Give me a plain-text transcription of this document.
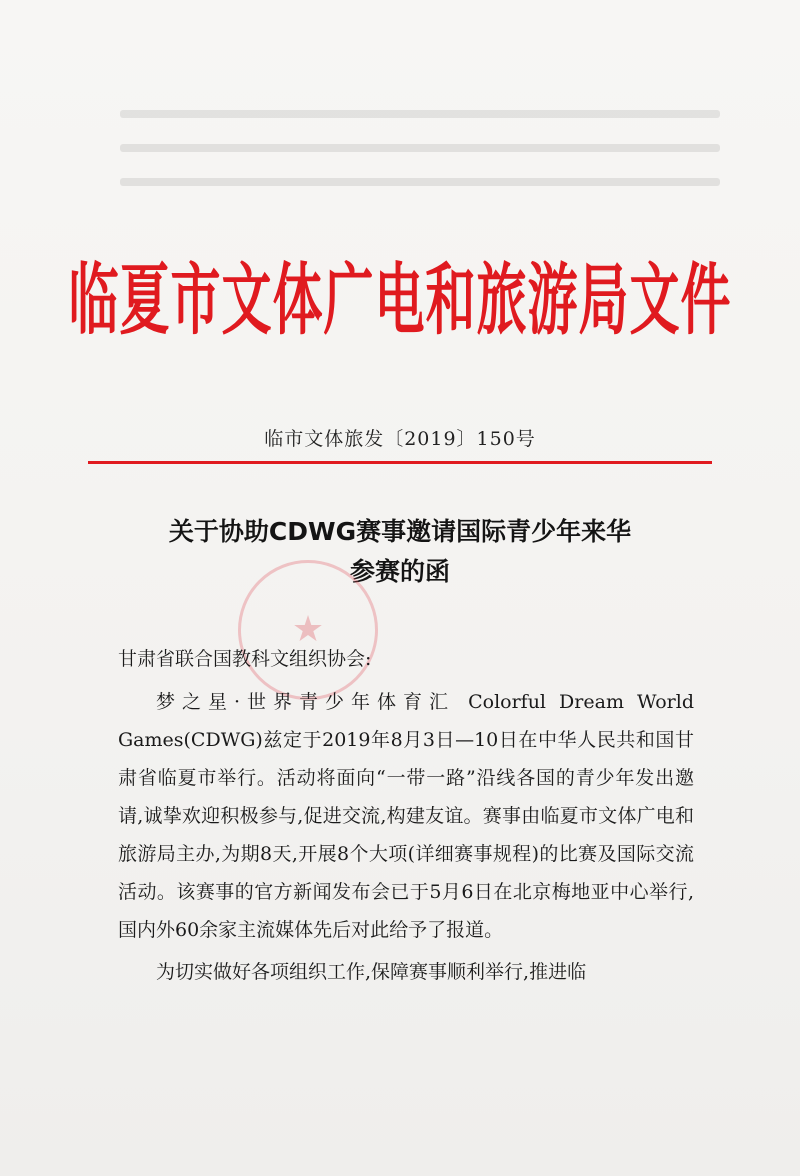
临夏市文体广电和旅游局文件
临市文体旅发〔2019〕150号
关于协助CDWG赛事邀请国际青少年来华
参赛的函
★

甘肃省联合国教科文组织协会:

梦之星·世界青少年体育汇 Colorful Dream World Games(CDWG)兹定于2019年8月3日—10日在中华人民共和国甘肃省临夏市举行。活动将面向“一带一路”沿线各国的青少年发出邀请,诚挚欢迎积极参与,促进交流,构建友谊。赛事由临夏市文体广电和旅游局主办,为期8天,开展8个大项(详细赛事规程)的比赛及国际交流活动。该赛事的官方新闻发布会已于5月6日在北京梅地亚中心举行,国内外60余家主流媒体先后对此给予了报道。

为切实做好各项组织工作,保障赛事顺利举行,推进临
